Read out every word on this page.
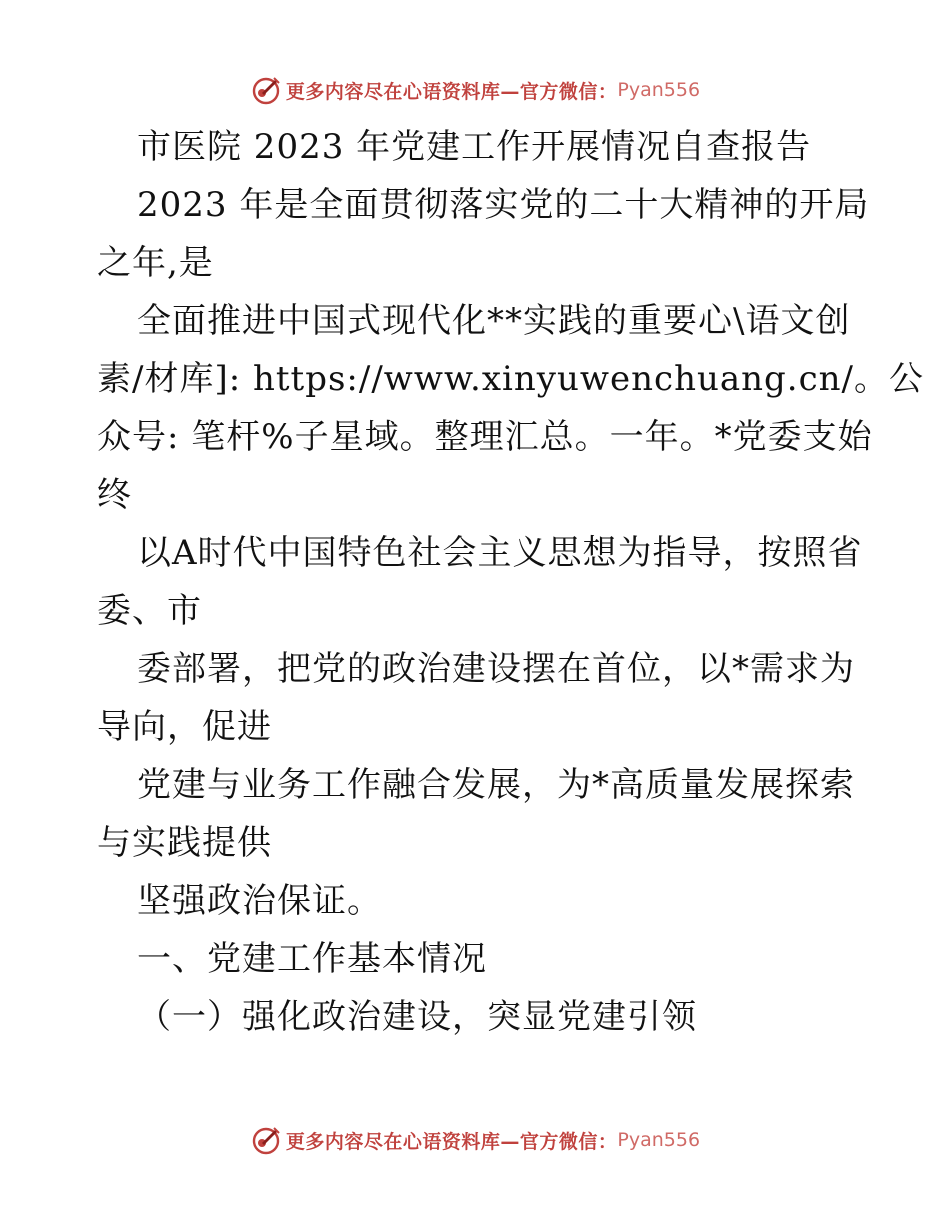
更多内容尽在心语资料库—官方微信： Pyan556
市医院 2023 年党建工作开展情况自查报告
2023 年是全面贯彻落实党的二十大精神的开局
之年,是
全面推进中国式现代化**实践的重要心\语文创
素/材库]: https://www.xinyuwenchuang.cn/。公
众号: 笔杆%子星域。整理汇总。一年。*党委支始
终
以A时代中国特色社会主义思想为指导，按照省
委、市
委部署，把党的政治建设摆在首位，以*需求为
导向，促进
党建与业务工作融合发展，为*高质量发展探索
与实践提供
坚强政治保证。
一、党建工作基本情况
（一）强化政治建设，突显党建引领
更多内容尽在心语资料库—官方微信： Pyan556
